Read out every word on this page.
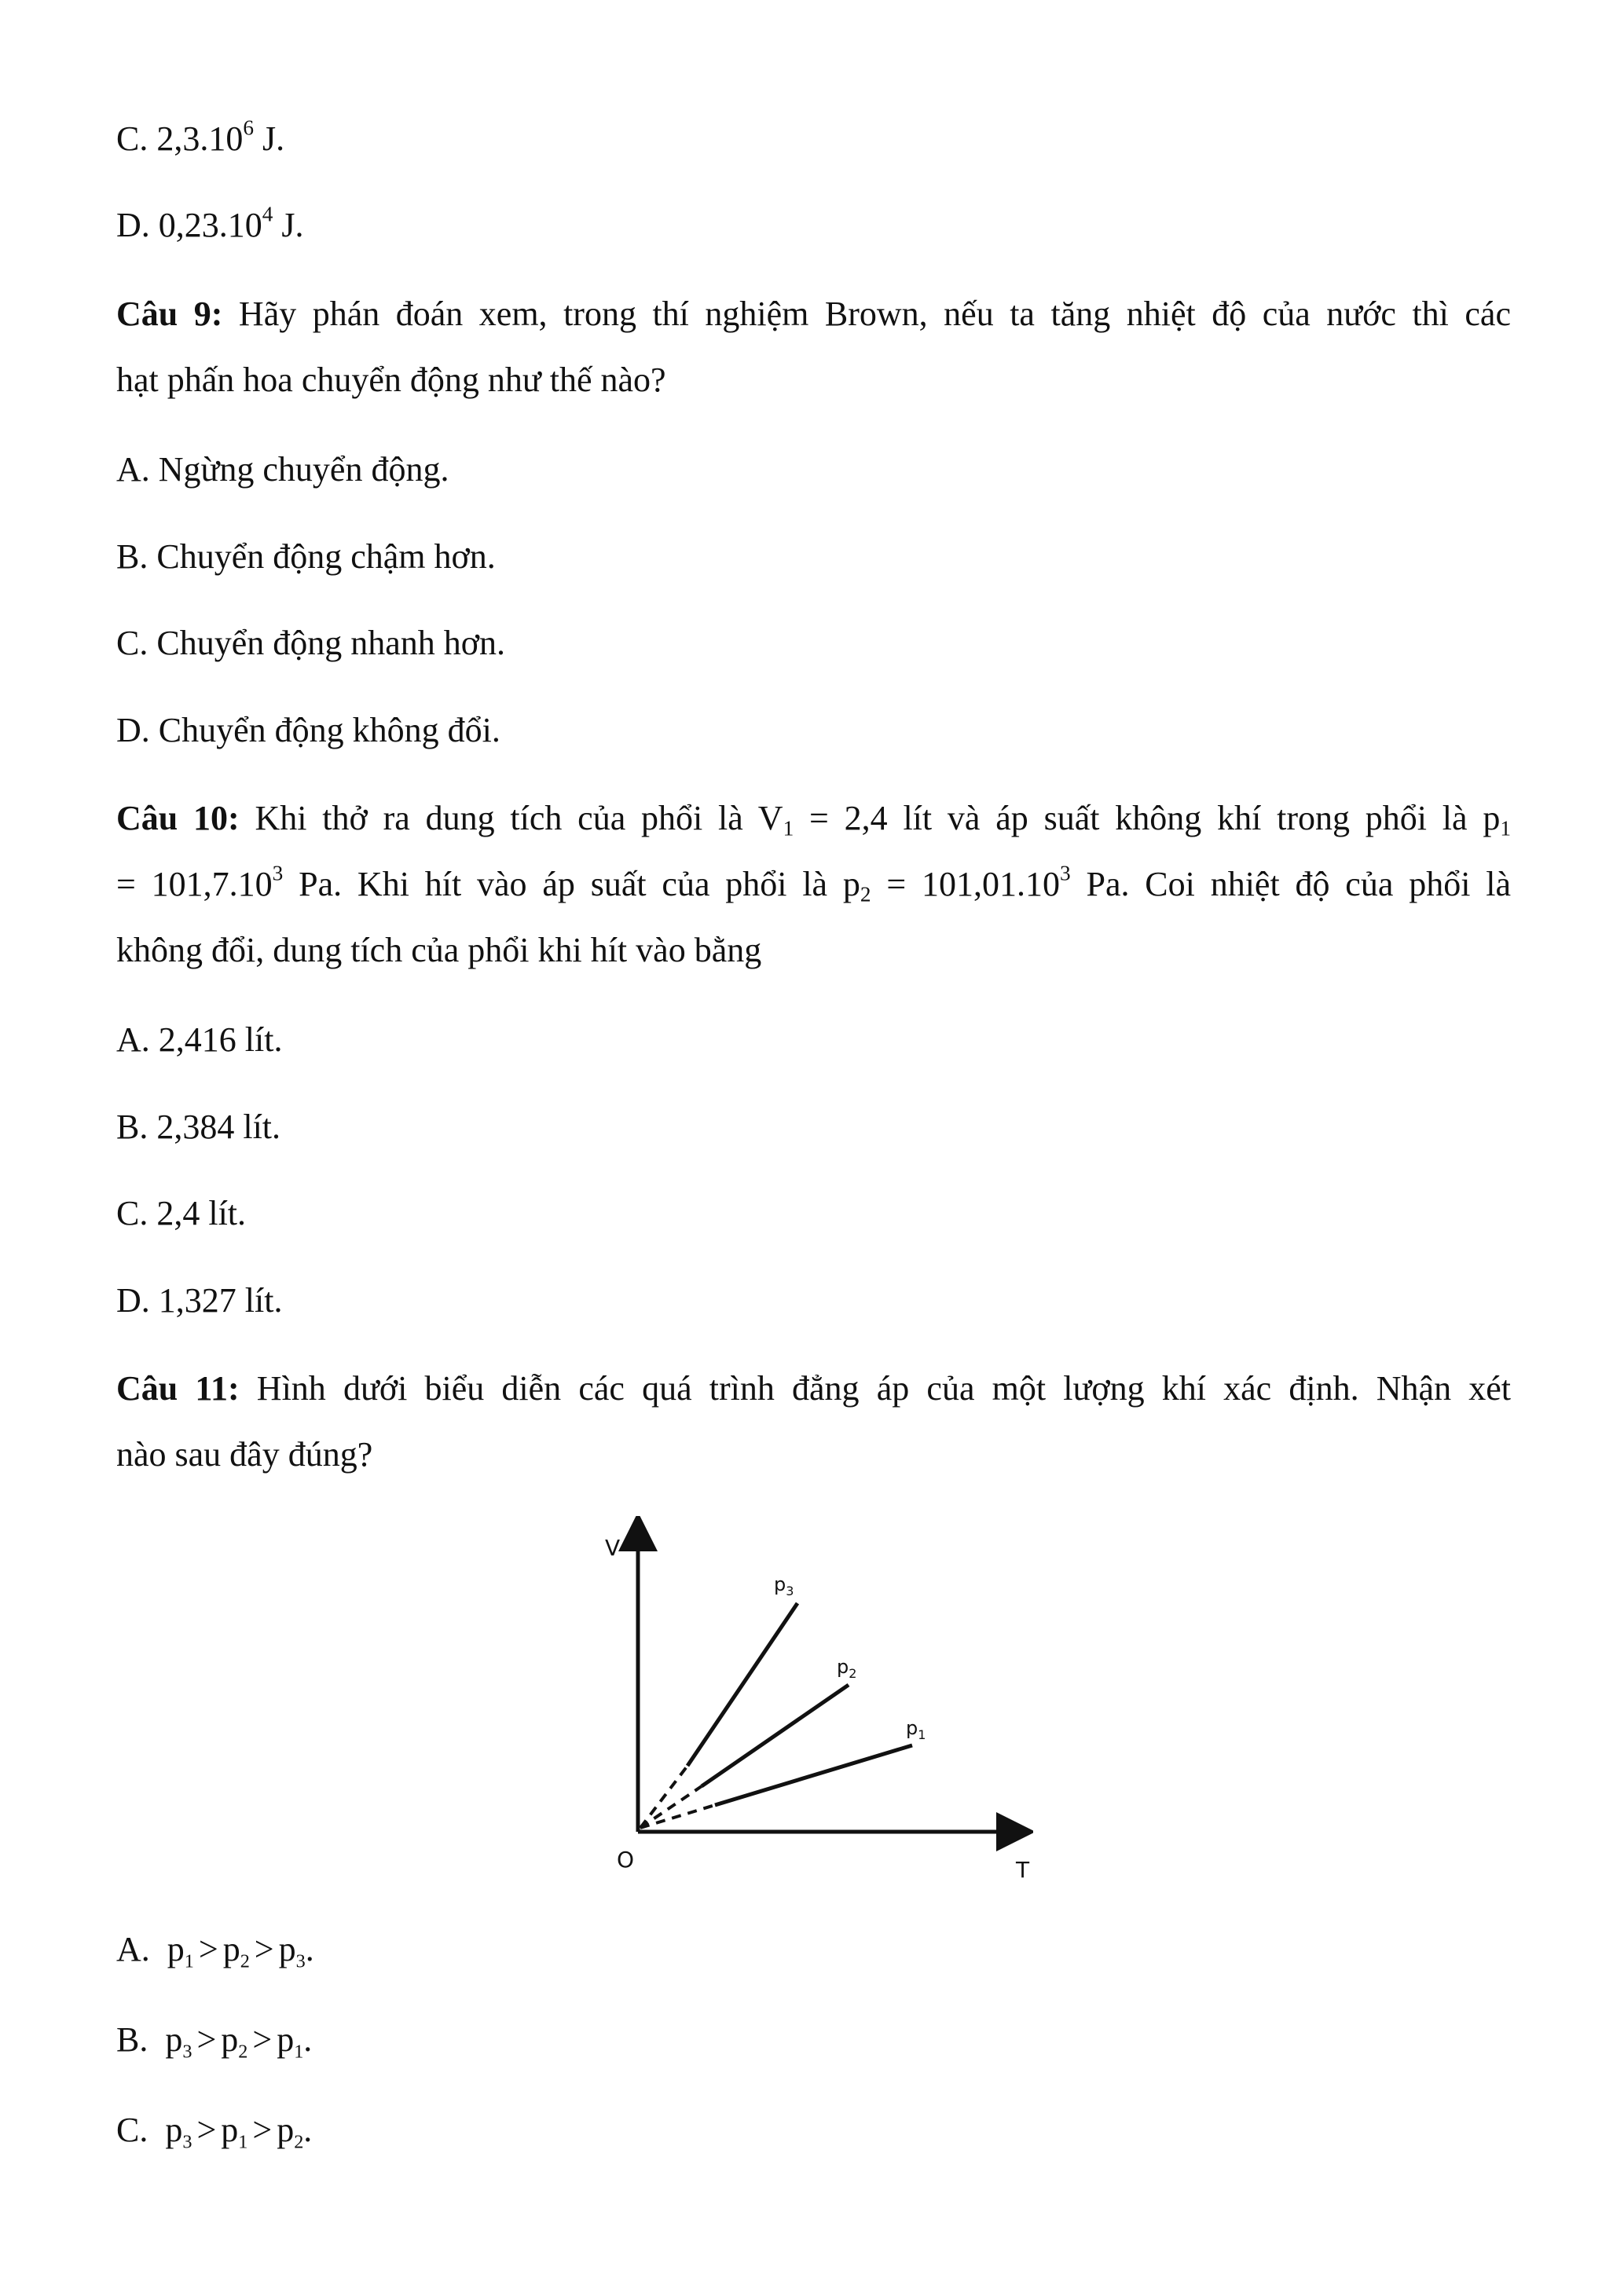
C. 2,3.10$^6$ J.
D. 0,23.10$^4$ J.
Câu 9: Hãy phán đoán xem, trong thí nghiệm Brown, nếu ta tăng nhiệt độ của nước thì các
hạt phấn hoa chuyển động như thế nào?
A. Ngừng chuyển động.
B. Chuyển động chậm hơn.
C. Chuyển động nhanh hơn.
D. Chuyển động không đổi.
Câu 10: Khi thở ra dung tích của phổi là $V_1 = 2,4$ lít và áp suất không khí trong phổi là $p_1$
= $101,7.10^3$ Pa. Khi hít vào áp suất của phổi là $p_2 = 101,01.10^3$ Pa. Coi nhiệt độ của phổi là
không đổi, dung tích của phổi khi hít vào bằng
A. 2,416 lít.
B. 2,384 lít.
C. 2,4 lít.
D. 1,327 lít.
Câu 11: Hình dưới biểu diễn các quá trình đẳng áp của một lượng khí xác định. Nhận xét
nào sau đây đúng?
V
T
O
$p_3$
$p_2$
$p_1$
A. $p_1 > p_2 > p_3$.
B. $p_3 > p_2 > p_1$.
C. $p_3 > p_1 > p_2$.
